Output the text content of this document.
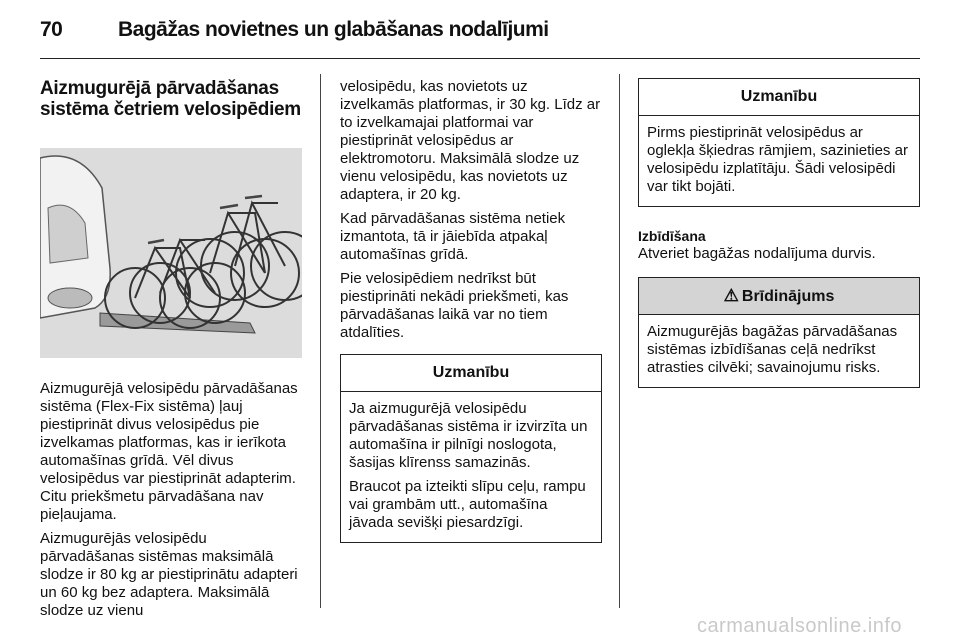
70	Bagāžas novietnes un glabāšanas nodalījumi
Aizmugurējā pārvadāšanas
sistēma četriem velosipēdiem

Aizmugurējā velosipēdu pārvadāšanas sistēma (Flex-Fix sistēma) ļauj piestiprināt divus velosipēdus pie izvelkamas platformas, kas ir ierīkota automašīnas grīdā. Vēl divus velosipēdus var piestiprināt adapterim. Citu priekšmetu pārvadāšana nav pieļaujama.

Aizmugurējās velosipēdu pārvadāšanas sistēmas maksimālā slodze ir 80 kg ar piestiprinātu adapteri un 60 kg bez adaptera. Maksimālā slodze uz vienu

velosipēdu, kas novietots uz izvelkamās platformas, ir 30 kg. Līdz ar to izvelkamajai platformai var piestiprināt velosipēdus ar elektromotoru. Maksimālā slodze uz vienu velosipēdu, kas novietots uz adaptera, ir 20 kg.

Kad pārvadāšanas sistēma netiek izmantota, tā ir jāiebīda atpakaļ automašīnas grīdā.

Pie velosipēdiem nedrīkst būt piestiprināti nekādi priekšmeti, kas pārvadāšanas laikā var no tiem atdalīties.

Uzmanību

Ja aizmugurējā velosipēdu pārvadāšanas sistēma ir izvirzīta un automašīna ir pilnīgi noslogota, šasijas klīrenss samazinās.

Braucot pa izteikti slīpu ceļu, rampu vai grambām utt., automašīna jāvada sevišķi piesardzīgi.

Uzmanību

Pirms piestiprināt velosipēdus ar oglekļa šķiedras rāmjiem, sazinieties ar velosipēdu izplatītāju. Šādi velosipēdi var tikt bojāti.

Izbīdīšana

Atveriet bagāžas nodalījuma durvis.

⚠ Brīdinājums

Aizmugurējās bagāžas pārvadāšanas sistēmas izbīdīšanas ceļā nedrīkst atrasties cilvēki; savainojumu risks.

carmanualsonline.info
